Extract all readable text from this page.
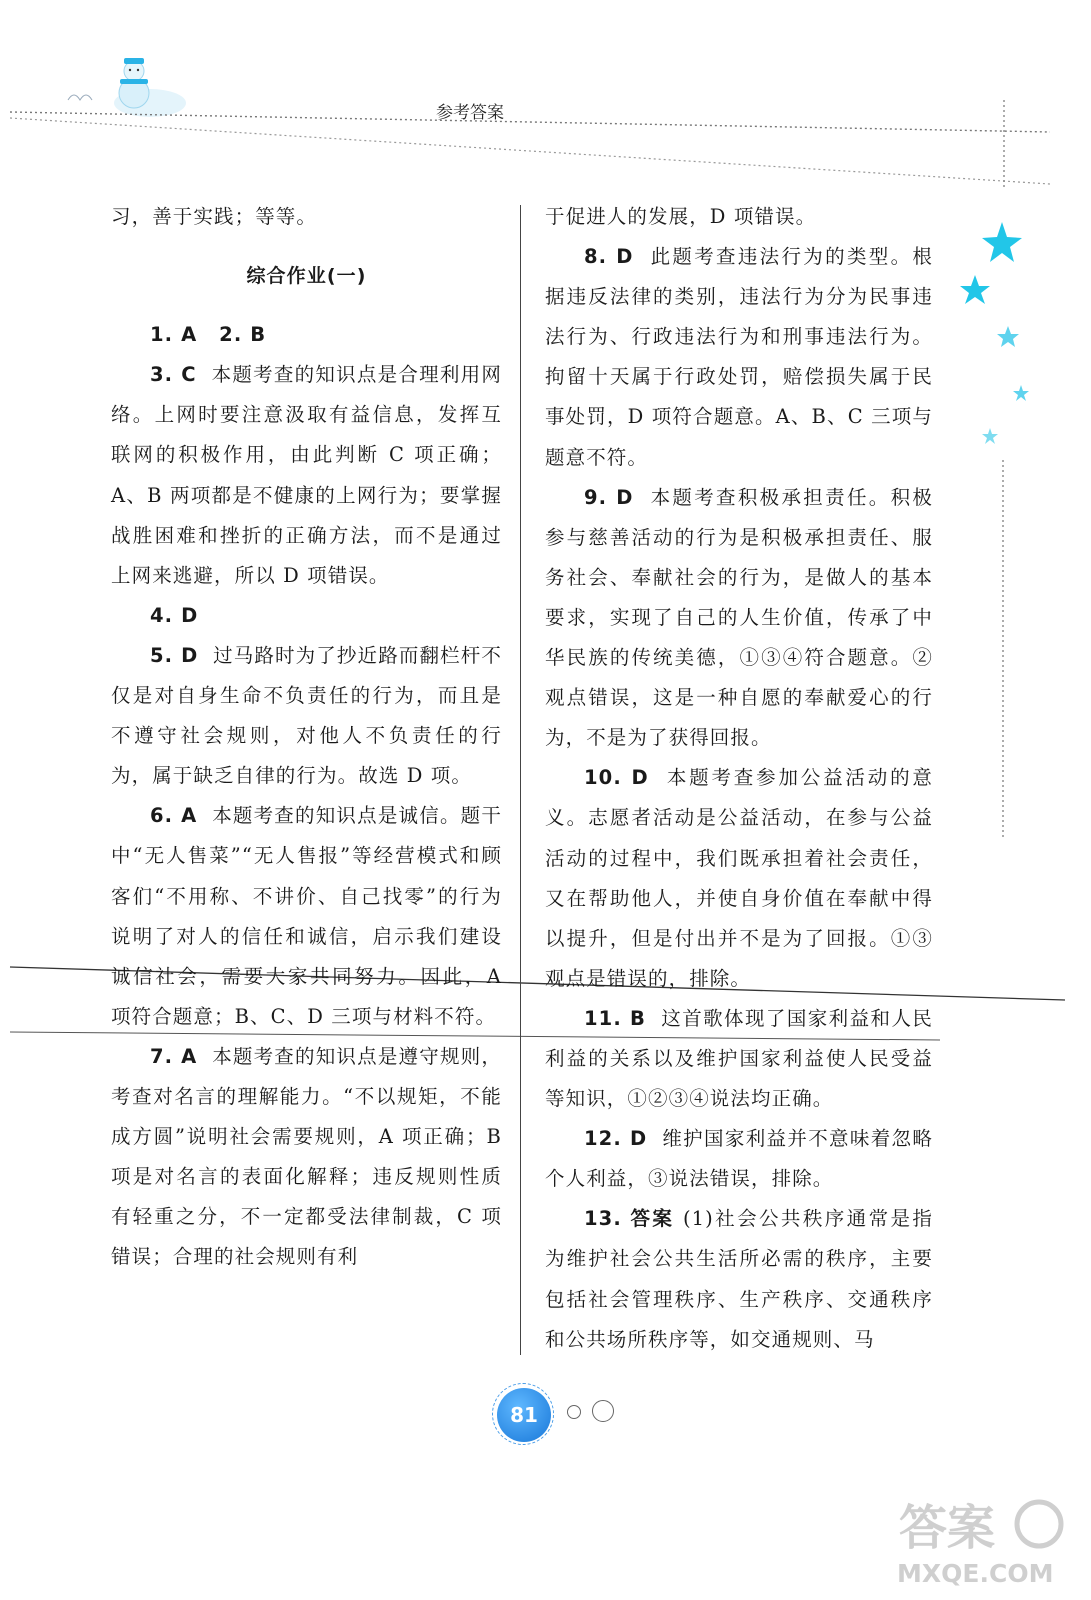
参考答案

习，善于实践；等等。

综合作业(一)

1. A 2. B

3. C 本题考查的知识点是合理利用网络。上网时要注意汲取有益信息，发挥互联网的积极作用，由此判断 C 项正确；A、B 两项都是不健康的上网行为；要掌握战胜困难和挫折的正确方法，而不是通过上网来逃避，所以 D 项错误。

4. D

5. D 过马路时为了抄近路而翻栏杆不仅是对自身生命不负责任的行为，而且是不遵守社会规则，对他人不负责任的行为，属于缺乏自律的行为。故选 D 项。

6. A 本题考查的知识点是诚信。题干中“无人售菜”“无人售报”等经营模式和顾客们“不用称、不讲价、自己找零”的行为说明了对人的信任和诚信，启示我们建设诚信社会，需要大家共同努力。因此，A 项符合题意；B、C、D 三项与材料不符。

7. A 本题考查的知识点是遵守规则，考查对名言的理解能力。“不以规矩，不能成方圆”说明社会需要规则，A 项正确；B 项是对名言的表面化解释；违反规则性质有轻重之分，不一定都受法律制裁，C 项错误；合理的社会规则有利

于促进人的发展，D 项错误。

8. D 此题考查违法行为的类型。根据违反法律的类别，违法行为分为民事违法行为、行政违法行为和刑事违法行为。拘留十天属于行政处罚，赔偿损失属于民事处罚，D 项符合题意。A、B、C 三项与题意不符。

9. D 本题考查积极承担责任。积极参与慈善活动的行为是积极承担责任、服务社会、奉献社会的行为，是做人的基本要求，实现了自己的人生价值，传承了中华民族的传统美德，①③④符合题意。②观点错误，这是一种自愿的奉献爱心的行为，不是为了获得回报。

10. D 本题考查参加公益活动的意义。志愿者活动是公益活动，在参与公益活动的过程中，我们既承担着社会责任，又在帮助他人，并使自身价值在奉献中得以提升，但是付出并不是为了回报。①③观点是错误的，排除。

11. B 这首歌体现了国家利益和人民利益的关系以及维护国家利益使人民受益等知识，①②③④说法均正确。

12. D 维护国家利益并不意味着忽略个人利益，③说法错误，排除。

13. 答案 (1)社会公共秩序通常是指为维护社会公共生活所必需的秩序，主要包括社会管理秩序、生产秩序、交通秩序和公共场所秩序等，如交通规则、马

81
答案
MXQE.COM
